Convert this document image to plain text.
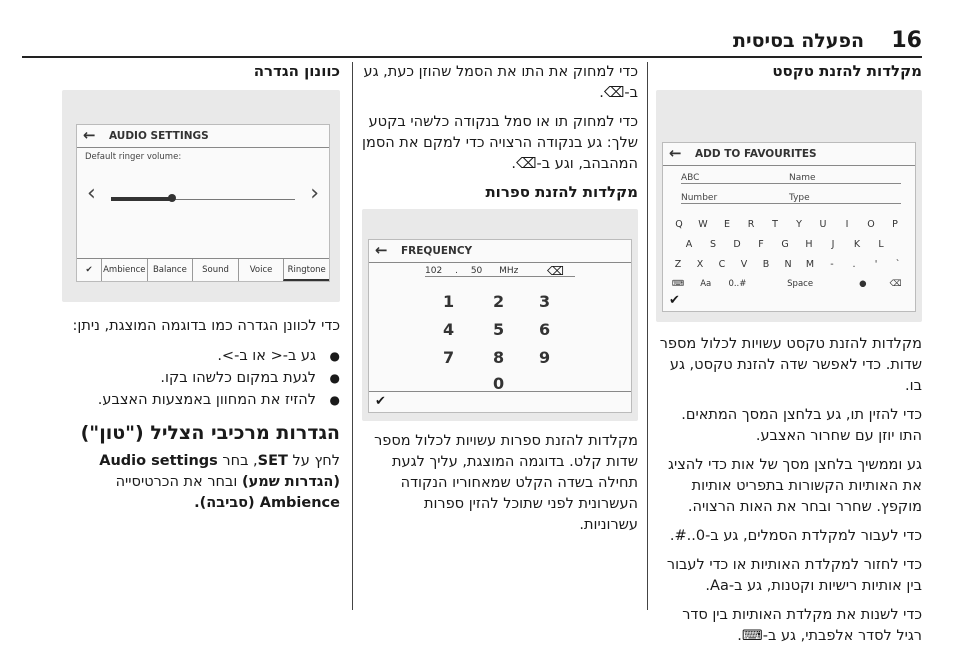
16
הפעלה בסיסית
מקלדות להזנת טקסט
← ADD TO FAVOURITES
ABC	Name
Number	Type
Q W E R T Y U I O P
A S D F G H J K L
Z X C V B N M - . ' `
⌨ Aa 0..#	Space	●	⌫
✔

מקלדות להזנת טקסט עשויות לכלול מספר שדות. כדי לאפשר שדה להזנת טקסט, גע בו.

כדי להזין תו, גע בלחצן המסך המתאים. התו יוזן עם שחרור האצבע.

גע וממשיך בלחצן מסך של אות כדי להציג את האותיות הקשורות בתפריט אותיות מוקפץ. שחרר ובחר את האות הרצויה.

כדי לעבור למקלדת הסמלים, גע ב-0..#.

כדי לחזור למקלדת האותיות או כדי לעבור בין אותיות רישיות וקטנות, גע ב-Aa.

כדי לשנות את מקלדת האותיות בין סדר רגיל לסדר אלפבתי, גע ב-⌨.

כדי למחוק את התו את הסמל שהוזן כעת, גע ב-⌫.

כדי למחוק תו או סמל בנקודה כלשהי בקטע שלך: גע בנקודה הרצויה כדי למקם את הסמן המהבהב, וגע ב-⌫.

מקלדות להזנת ספרות
← FREQUENCY
102 . 50 MHz	⌫
1 2 3
4 5 6
7 8 9
0
✔

מקלדות להזנת ספרות עשויות לכלול מספר שדות קלט. בדוגמה המוצגת, עליך לגעת תחילה בשדה הקלט שמאחוריו הנקודה העשרונית לפני שתוכל להזין ספרות עשרוניות.

כוונון הגדרה
← AUDIO SETTINGS
Default ringer volume:
‹	›
✔	Ambience Balance	Sound	Voice	Ringtone

כדי לכוונן הגדרה כמו בדוגמה המוצגת, ניתן:

● גע ב-< או ב->.
● לגעת במקום כלשהו בקו.
● להזיז את המחוון באמצעות האצבע.
הגדרות מרכיבי הצליל ("טון")

לחץ על SET, בחר Audio settings (הגדרות שמע) ובחר את הכרטיסייה Ambience (סביבה).
